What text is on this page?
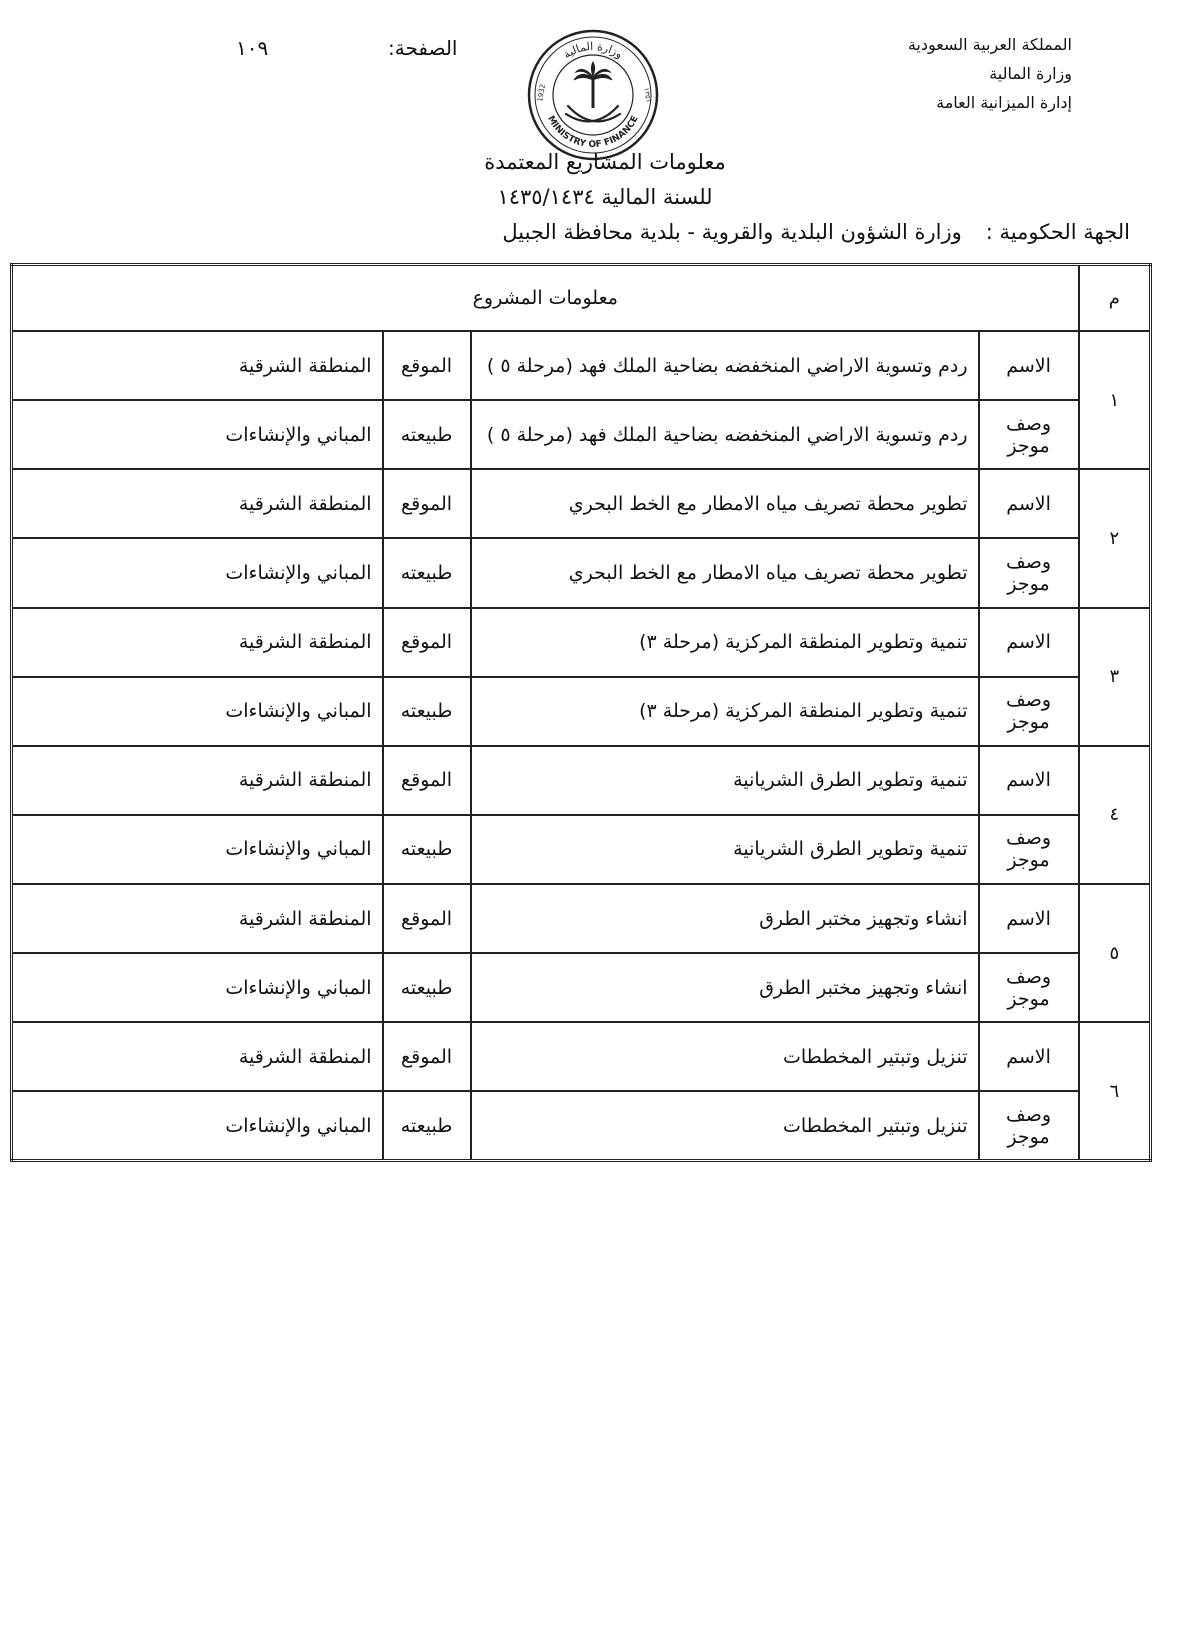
المملكة العربية السعودية
وزارة المالية
إدارة الميزانية العامة
الصفحة:
١٠٩	وزارة المالية
MINISTRY OF FINANCE
1932	١٣٥١
معلومات المشاريع المعتمدة
للسنة المالية ١٤٣٥/١٤٣٤
الجهة الحكومية :وزارة الشؤون البلدية والقروية - بلدية محافظة الجبيل
م	معلومات المشروع			
١	الاسم	ردم وتسوية الاراضي المنخفضه بضاحية الملك فهد (مرحلة ٥ )	الموقع	المنطقة الشرقية
	وصف موجز	ردم وتسوية الاراضي المنخفضه بضاحية الملك فهد (مرحلة ٥ )	طبيعته	المباني والإنشاءات
٢	الاسم	تطوير محطة تصريف مياه الامطار مع الخط البحري	الموقع	المنطقة الشرقية
	وصف موجز	تطوير محطة تصريف مياه الامطار مع الخط البحري	طبيعته	المباني والإنشاءات
٣	الاسم	تنمية وتطوير المنطقة المركزية (مرحلة ٣)	الموقع	المنطقة الشرقية
	وصف موجز	تنمية وتطوير المنطقة المركزية (مرحلة ٣)	طبيعته	المباني والإنشاءات
٤	الاسم	تنمية وتطوير الطرق الشريانية	الموقع	المنطقة الشرقية
	وصف موجز	تنمية وتطوير الطرق الشريانية	طبيعته	المباني والإنشاءات
٥	الاسم	انشاء وتجهيز مختبر الطرق	الموقع	المنطقة الشرقية
	وصف موجز	انشاء وتجهيز مختبر الطرق	طبيعته	المباني والإنشاءات
٦	الاسم	تنزيل وتبتير المخططات	الموقع	المنطقة الشرقية
	وصف موجز	تنزيل وتبتير المخططات	طبيعته	المباني والإنشاءات
